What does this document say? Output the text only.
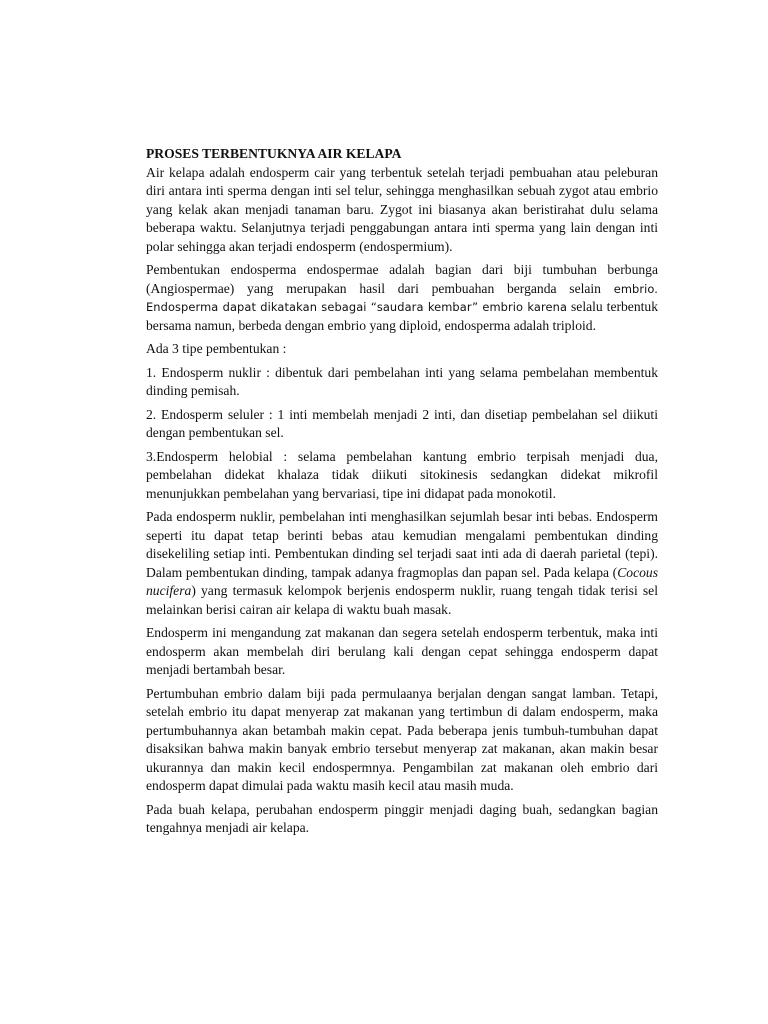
PROSES TERBENTUKNYA AIR KELAPA

Air kelapa adalah endosperm cair yang terbentuk setelah terjadi pembuahan atau peleburan diri antara inti sperma dengan inti sel telur, sehingga menghasilkan sebuah zygot atau embrio yang kelak akan menjadi tanaman baru. Zygot ini biasanya akan beristirahat dulu selama beberapa waktu. Selanjutnya terjadi penggabungan antara inti sperma yang lain dengan inti polar sehingga akan terjadi endosperm (endospermium).

Pembentukan endosperma endospermae adalah bagian dari biji tumbuhan berbunga (Angiospermae) yang merupakan hasil dari pembuahan berganda selain embrio. Endosperma dapat dikatakan sebagai “saudara kembar” embrio karena selalu terbentuk bersama namun, berbeda dengan embrio yang diploid, endosperma adalah triploid.

Ada 3 tipe pembentukan :

1. Endosperm nuklir : dibentuk dari pembelahan inti yang selama pembelahan membentuk dinding pemisah.

2. Endosperm seluler : 1 inti membelah menjadi 2 inti, dan disetiap pembelahan sel diikuti dengan pembentukan sel.

3.Endosperm helobial : selama pembelahan kantung embrio terpisah menjadi dua, pembelahan didekat khalaza tidak diikuti sitokinesis sedangkan didekat mikrofil menunjukkan pembelahan yang bervariasi, tipe ini didapat pada monokotil.

Pada endosperm nuklir, pembelahan inti menghasilkan sejumlah besar inti bebas. Endosperm seperti itu dapat tetap berinti bebas atau kemudian mengalami pembentukan dinding disekeliling setiap inti. Pembentukan dinding sel terjadi saat inti ada di daerah parietal (tepi). Dalam pembentukan dinding, tampak adanya fragmoplas dan papan sel. Pada kelapa (Cocous nucifera) yang termasuk kelompok berjenis endosperm nuklir, ruang tengah tidak terisi sel melainkan berisi cairan air kelapa di waktu buah masak.

Endosperm ini mengandung zat makanan dan segera setelah endosperm terbentuk, maka inti endosperm akan membelah diri berulang kali dengan cepat sehingga endosperm dapat menjadi bertambah besar.

Pertumbuhan embrio dalam biji pada permulaanya berjalan dengan sangat lamban. Tetapi, setelah embrio itu dapat menyerap zat makanan yang tertimbun di dalam endosperm, maka pertumbuhannya akan betambah makin cepat. Pada beberapa jenis tumbuh-tumbuhan dapat disaksikan bahwa makin banyak embrio tersebut menyerap zat makanan, akan makin besar ukurannya dan makin kecil endospermnya. Pengambilan zat makanan oleh embrio dari endosperm dapat dimulai pada waktu masih kecil atau masih muda.

Pada buah kelapa, perubahan endosperm pinggir menjadi daging buah, sedangkan bagian tengahnya menjadi air kelapa.
